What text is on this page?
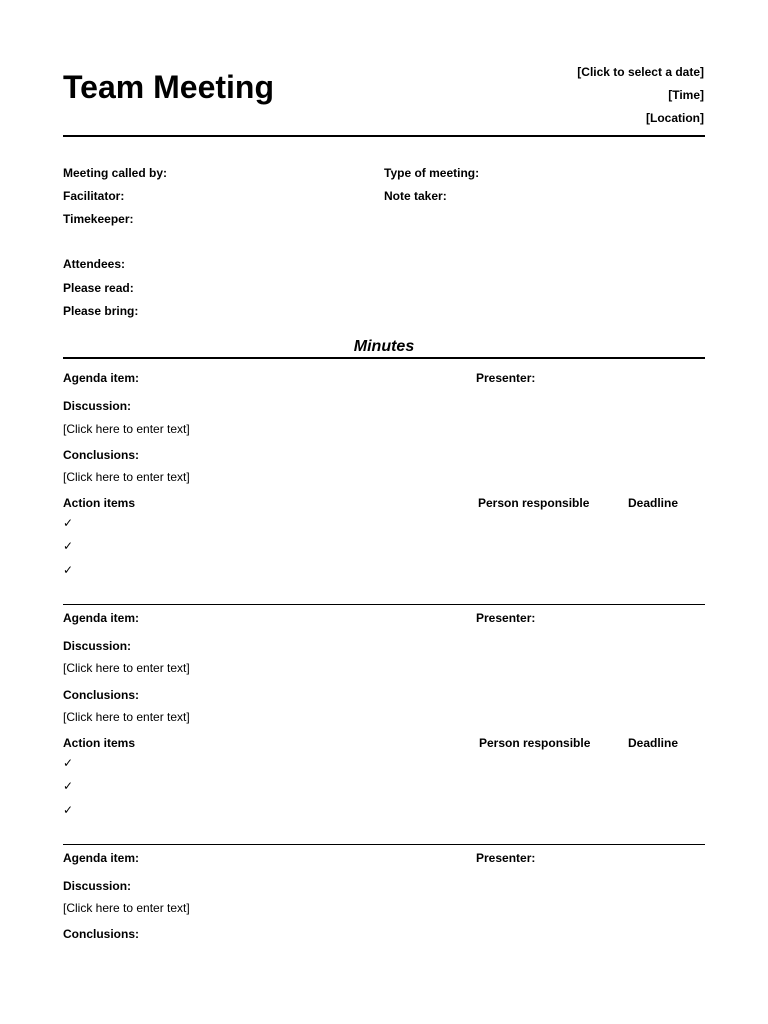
Team Meeting	[Click to select a date]
[Time]
[Location]
Meeting called by:	Type of meeting:
Facilitator:	Note taker:
Timekeeper:
Attendees:
Please read:
Please bring:
Minutes
Agenda item:	Presenter:
Discussion:
[Click here to enter text]
Conclusions:
[Click here to enter text]
Action items	Person responsible	Deadline
✓
✓
✓
Agenda item:	Presenter:
Discussion:
[Click here to enter text]
Conclusions:
[Click here to enter text]
Action items	Person responsible	Deadline
✓
✓
✓
Agenda item:	Presenter:
Discussion:
[Click here to enter text]
Conclusions:
